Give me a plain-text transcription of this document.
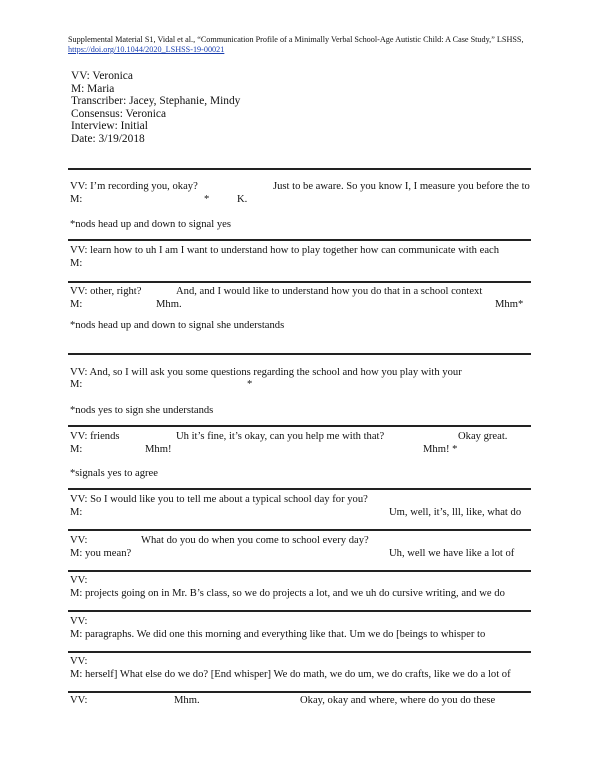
Supplemental Material S1, Vidal et al., “Communication Profile of a Minimally Verbal School-Age Autistic Child: A Case Study,” LSHSS,
https://doi.org/10.1044/2020_LSHSS-19-00021
VV: Veronica
M: Maria
Transcriber: Jacey, Stephanie, Mindy
Consensus: Veronica
Interview: Initial
Date: 3/19/2018
VV: I’m recording you, okay?	Just to be aware. So you know I, I measure you before the to
M:	*	K.
*nods head up and down to signal yes
VV: learn how to uh I am I want to understand how to play together how can communicate with each
M:
VV: other, right?	And, and I would like to understand how you do that in a school context
M:	Mhm.	Mhm*
*nods head up and down to signal she understands
VV: And, so I will ask you some questions regarding the school and how you play with your
M:	*
*nods yes to sign she understands
VV: friends	Uh it’s fine, it’s okay, can you help me with that?	Okay great.
M:	Mhm!	Mhm! *
*signals yes to agree
VV: So I would like you to tell me about a typical school day for you?
M:	Um, well, it’s, lll, like, what do
VV:	What do you do when you come to school every day?
M: you mean?	Uh, well we have like a lot of
VV:
M: projects going on in Mr. B’s class, so we do projects a lot, and we uh do cursive writing, and we do
VV:
M: paragraphs. We did one this morning and everything like that. Um we do [beings to whisper to
VV:
M: herself] What else do we do? [End whisper] We do math, we do um, we do crafts, like we do a lot of
VV:	Mhm.	Okay, okay and where, where do you do these
